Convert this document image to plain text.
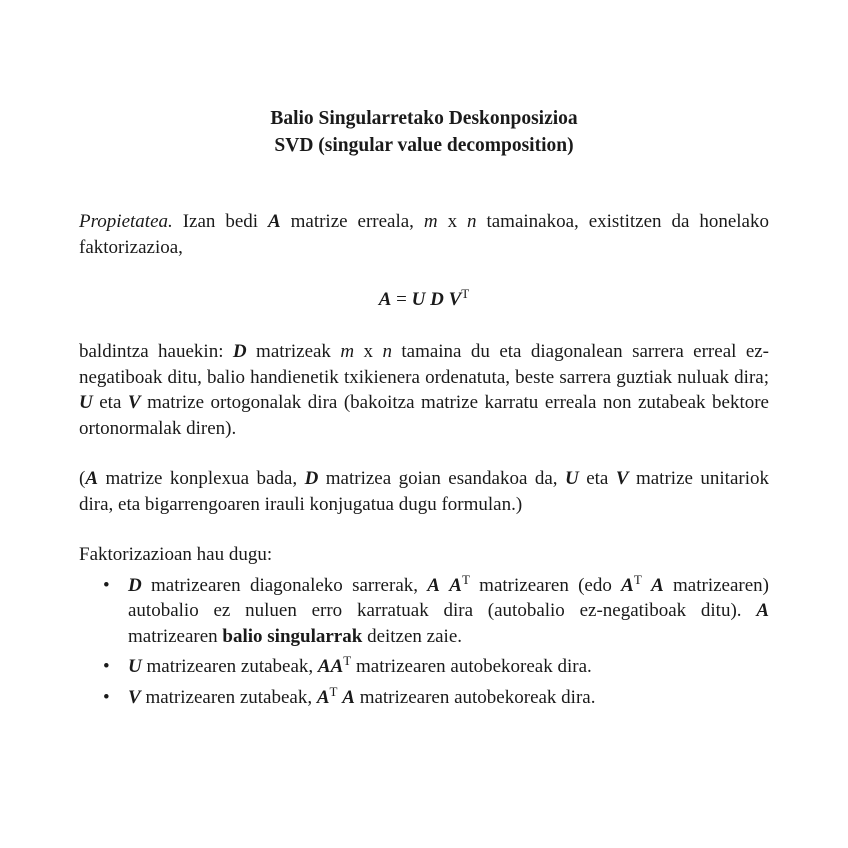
Balio Singularretako Deskonposizioa
SVD (singular value decomposition)

Propietatea. Izan bedi A matrize erreala, m x n tamainakoa, existitzen da honelako faktorizazioa,

A = U D $V^T$

baldintza hauekin: D matrizeak m x n tamaina du eta diagonalean sarrera erreal ez-negatiboak ditu, balio handienetik txikienera ordenatuta, beste sarrera guztiak nuluak dira; U eta V matrize ortogonalak dira (bakoitza matrize karratu erreala non zutabeak bektore ortonormalak diren).

(A matrize konplexua bada, D matrizea goian esandakoa da, U eta V matrize unitariok dira, eta bigarrengoaren irauli konjugatua dugu formulan.)

Faktorizazioan hau dugu:

• D matrizearen diagonaleko sarrerak, A $A^T$ matrizearen (edo $A^T$ A matrizearen) autobalio ez nuluen erro karratuak dira (autobalio ez-negatiboak ditu). A matrizearen balio singularrak deitzen zaie.
• U matrizearen zutabeak, $AA^T$ matrizearen autobekoreak dira.
• V matrizearen zutabeak, $A^T$ A matrizearen autobekoreak dira.
